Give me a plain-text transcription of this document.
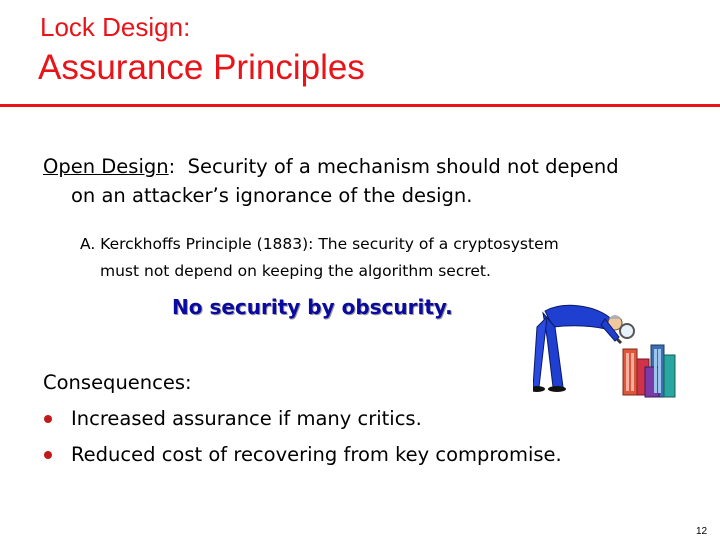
Lock Design:
Assurance Principles
Open Design:  Security of a mechanism should not depend
on an attacker’s ignorance of the design.
A. Kerckhoffs Principle (1883): The security of a cryptosystem
must not depend on keeping the algorithm secret.
No security by obscurity.
Consequences:
Increased assurance if many critics.
Reduced cost of recovering from key compromise.
12
